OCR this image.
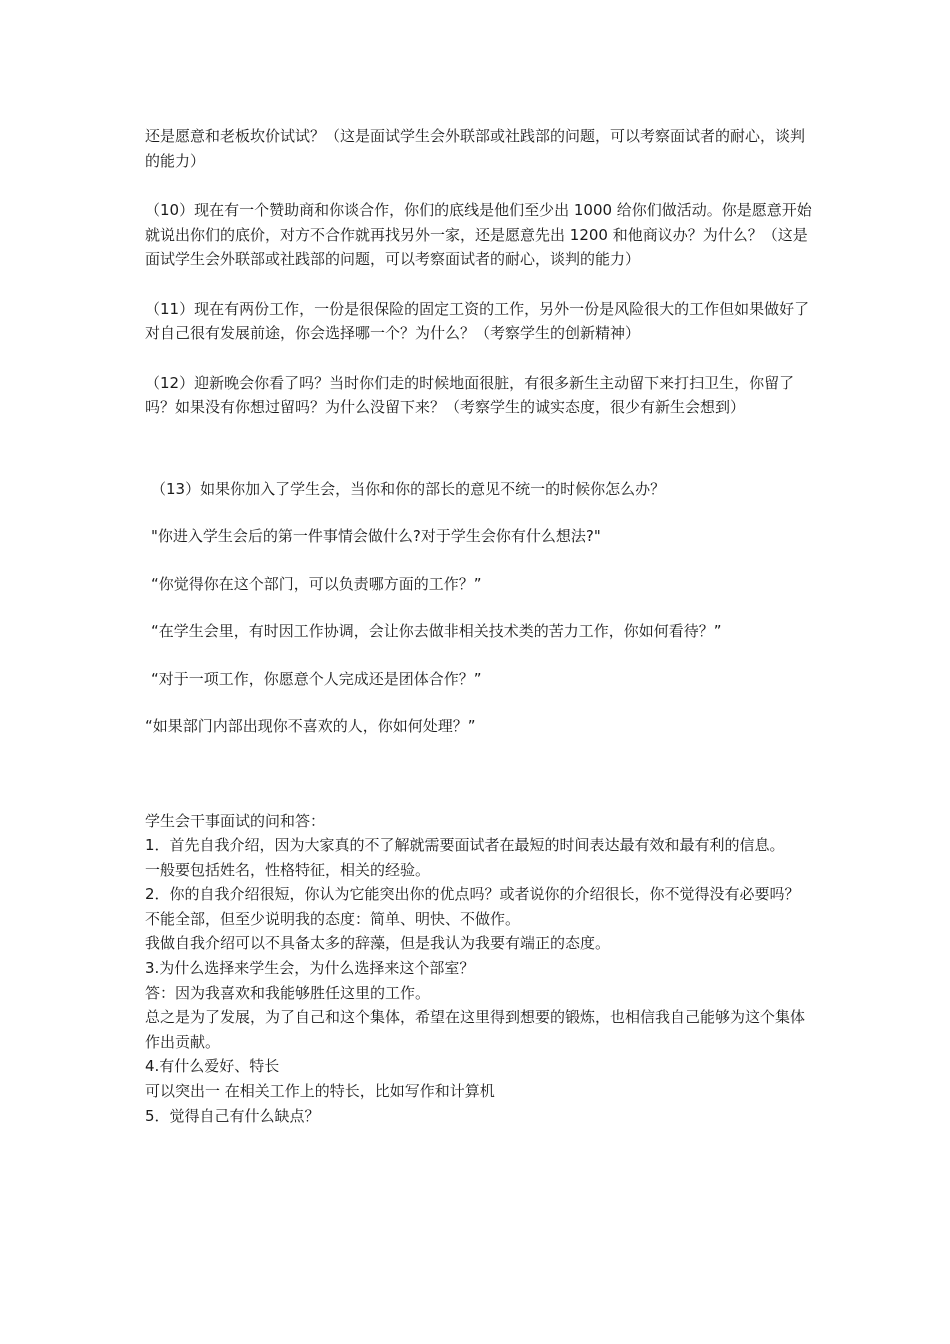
还是愿意和老板坎价试试？（这是面试学生会外联部或社践部的问题，可以考察面试者的耐心，谈判的能力）

（10）现在有一个赞助商和你谈合作，你们的底线是他们至少出 1000 给你们做活动。你是愿意开始就说出你们的底价，对方不合作就再找另外一家，还是愿意先出 1200 和他商议办？为什么？（这是面试学生会外联部或社践部的问题，可以考察面试者的耐心，谈判的能力）

（11）现在有两份工作，一份是很保险的固定工资的工作，另外一份是风险很大的工作但如果做好了对自己很有发展前途，你会选择哪一个？为什么？（考察学生的创新精神）

（12）迎新晚会你看了吗？当时你们走的时候地面很脏，有很多新生主动留下来打扫卫生，你留了吗？如果没有你想过留吗？为什么没留下来？（考察学生的诚实态度，很少有新生会想到）

（13）如果你加入了学生会，当你和你的部长的意见不统一的时候你怎么办？

"你进入学生会后的第一件事情会做什么?对于学生会你有什么想法?"

“你觉得你在这个部门，可以负责哪方面的工作？”

“在学生会里，有时因工作协调，会让你去做非相关技术类的苦力工作，你如何看待？”

“对于一项工作，你愿意个人完成还是团体合作？”

“如果部门内部出现你不喜欢的人，你如何处理？”

学生会干事面试的问和答：

1．首先自我介绍，因为大家真的不了解就需要面试者在最短的时间表达最有效和最有利的信息。

一般要包括姓名，性格特征，相关的经验。

2．你的自我介绍很短，你认为它能突出你的优点吗？或者说你的介绍很长，你不觉得没有必要吗？

不能全部，但至少说明我的态度：简单、明快、不做作。

我做自我介绍可以不具备太多的辞藻，但是我认为我要有端正的态度。

3.为什么选择来学生会，为什么选择来这个部室？

答：因为我喜欢和我能够胜任这里的工作。

总之是为了发展，为了自己和这个集体，希望在这里得到想要的锻炼，也相信我自己能够为这个集体作出贡献。

4.有什么爱好、特长

可以突出一 在相关工作上的特长，比如写作和计算机

5．觉得自己有什么缺点？
